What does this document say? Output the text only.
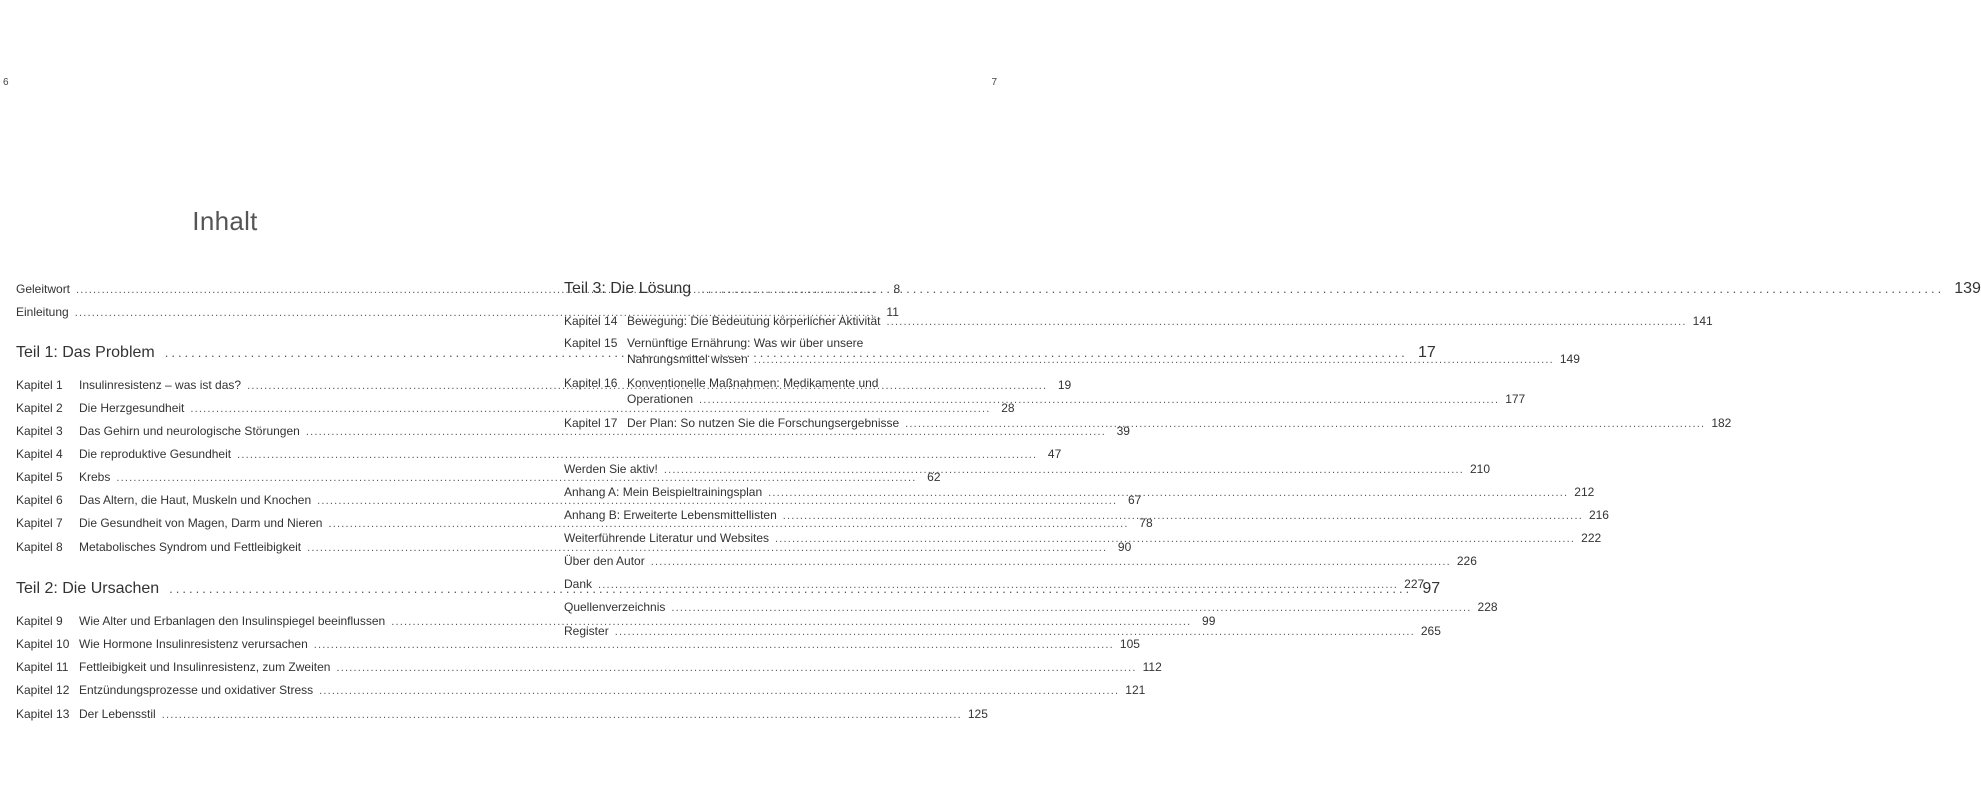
6	7
Inhalt
Geleitwort .....	8
Einleitung .....	11
Teil 1: Das Problem .....	17
Kapitel 1	Insulinresistenz – was ist das? .....	19
Kapitel 2	Die Herzgesundheit .....	28
Kapitel 3	Das Gehirn und neurologische Störungen .....	39
Kapitel 4	Die reproduktive Gesundheit .....	47
Kapitel 5	Krebs .....	62
Kapitel 6	Das Altern, die Haut, Muskeln und Knochen .....	67
Kapitel 7	Die Gesundheit von Magen, Darm und Nieren .....	78
Kapitel 8	Metabolisches Syndrom und Fettleibigkeit .....	90
Teil 2: Die Ursachen .....	97
Kapitel 9	Wie Alter und Erbanlagen den Insulinspiegel beeinflussen .....	99
Kapitel 10 Wie Hormone Insulinresistenz verursachen .....	105
Kapitel 11 Fettleibigkeit und Insulinresistenz, zum Zweiten .....	112
Kapitel 12 Entzündungsprozesse und oxidativer Stress .....	121
Kapitel 13 Der Lebensstil .....	125
Teil 3: Die Lösung .....	139
Kapitel 14 Bewegung: Die Bedeutung körperlicher Aktivität .....	141
Kapitel 15 Vernünftige Ernährung: Was wir über unsere
Nahrungsmittel wissen .....	149
Kapitel 16 Konventionelle Maßnahmen: Medikamente und
Operationen .....	177
Kapitel 17 Der Plan: So nutzen Sie die Forschungsergebnisse .....	182
Werden Sie aktiv! .....	210
Anhang A: Mein Beispieltrainingsplan .....	212
Anhang B: Erweiterte Lebensmittellisten .....	216
Weiterführende Literatur und Websites .....	222
Über den Autor .....	226
Dank .....	227
Quellenverzeichnis .....	228
Register .....	265
